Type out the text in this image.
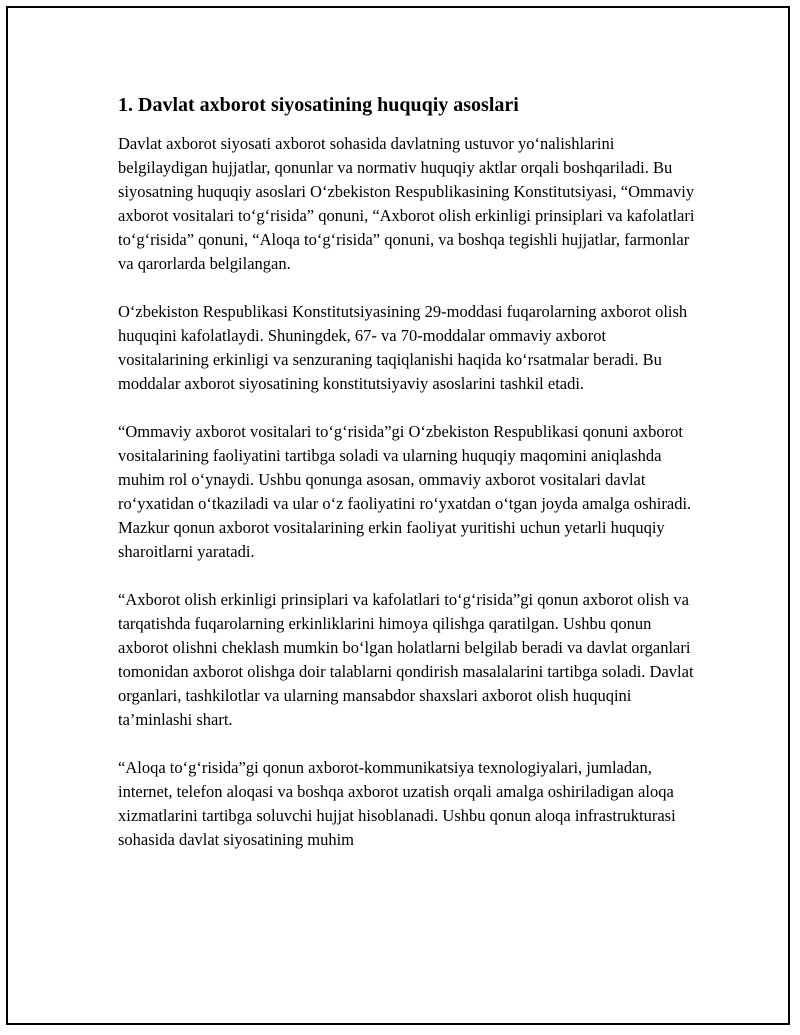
1. Davlat axborot siyosatining huquqiy asoslari

Davlat axborot siyosati axborot sohasida davlatning ustuvor yo‘nalishlarini belgilaydigan hujjatlar, qonunlar va normativ huquqiy aktlar orqali boshqariladi. Bu siyosatning huquqiy asoslari O‘zbekiston Respublikasining Konstitutsiyasi, “Ommaviy axborot vositalari to‘g‘risida” qonuni, “Axborot olish erkinligi prinsiplari va kafolatlari to‘g‘risida” qonuni, “Aloqa to‘g‘risida” qonuni, va boshqa tegishli hujjatlar, farmonlar va qarorlarda belgilangan.

O‘zbekiston Respublikasi Konstitutsiyasining 29-moddasi fuqarolarning axborot olish huquqini kafolatlaydi. Shuningdek, 67- va 70-moddalar ommaviy axborot vositalarining erkinligi va senzuraning taqiqlanishi haqida ko‘rsatmalar beradi. Bu moddalar axborot siyosatining konstitutsiyaviy asoslarini tashkil etadi.

“Ommaviy axborot vositalari to‘g‘risida”gi O‘zbekiston Respublikasi qonuni axborot vositalarining faoliyatini tartibga soladi va ularning huquqiy maqomini aniqlashda muhim rol o‘ynaydi. Ushbu qonunga asosan, ommaviy axborot vositalari davlat ro‘yxatidan o‘tkaziladi va ular o‘z faoliyatini ro‘yxatdan o‘tgan joyda amalga oshiradi. Mazkur qonun axborot vositalarining erkin faoliyat yuritishi uchun yetarli huquqiy sharoitlarni yaratadi.

“Axborot olish erkinligi prinsiplari va kafolatlari to‘g‘risida”gi qonun axborot olish va tarqatishda fuqarolarning erkinliklarini himoya qilishga qaratilgan. Ushbu qonun axborot olishni cheklash mumkin bo‘lgan holatlarni belgilab beradi va davlat organlari tomonidan axborot olishga doir talablarni qondirish masalalarini tartibga soladi. Davlat organlari, tashkilotlar va ularning mansabdor shaxslari axborot olish huquqini ta’minlashi shart.

“Aloqa to‘g‘risida”gi qonun axborot-kommunikatsiya texnologiyalari, jumladan, internet, telefon aloqasi va boshqa axborot uzatish orqali amalga oshiriladigan aloqa xizmatlarini tartibga soluvchi hujjat hisoblanadi. Ushbu qonun aloqa infrastrukturasi sohasida davlat siyosatining muhim
